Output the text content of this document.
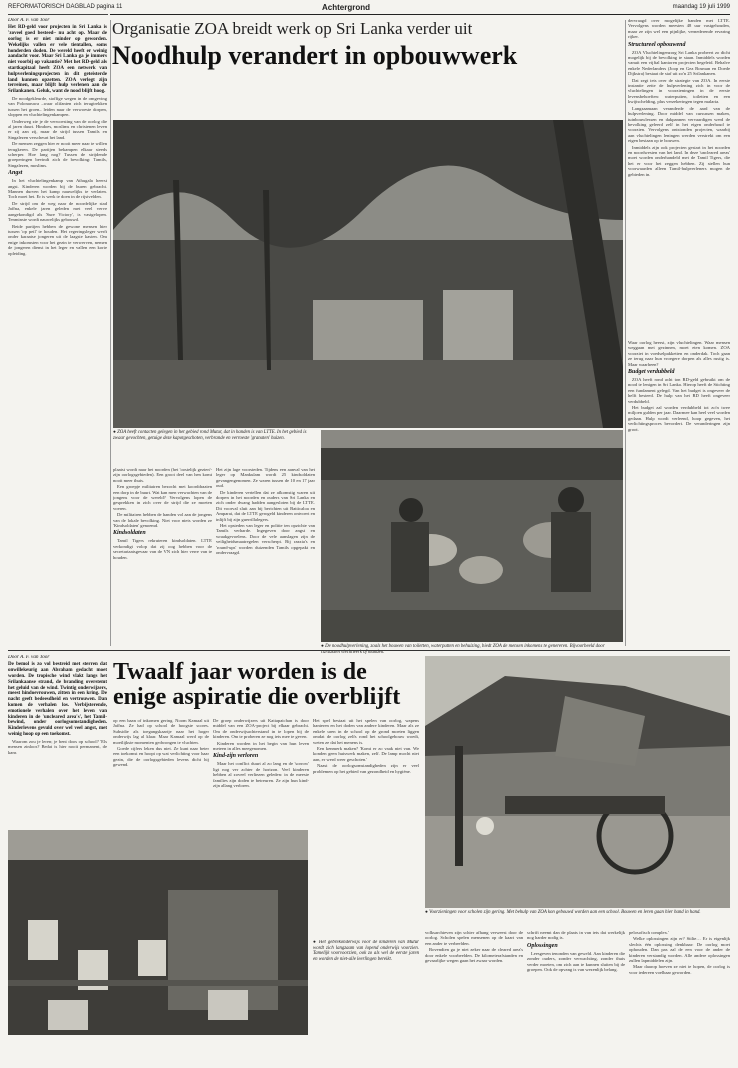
REFORMATORISCH DAGBLAD pagina 11	Achtergrond	maandag 19 juli 1999
Organisatie ZOA breidt werk op Sri Lanka verder uit
Noodhulp verandert in opbouwwerk
Door A. F. van Toor

Het RD-geld voor projecten in Sri Lanka is 'zoveel goed besteed– nu acht op. Maar de oorlog is er niet minder op geworden. Wekelijks vallen er vele tientallen, soms honderden doden. De wereld heeft er weinig aandacht voor. Maar Sri Lanka ga je immers niet voorbij op vakantie? Met het RD-geld als startkapitaal heeft ZOA een netwerk van hulpverleningsprojecten in dit geteisterde land kunnen opzetten. ZOA verlegt zijn terreinen, maar blijft hulp verlenen aan de Srilankanen. Geluk, want de nood blijft hoog.

De noodgekleurde, stoffige wegen in de omgeving van Polonaruwa –waar olifanten zich terugtrekken tussen het groen– leiden naar de verwoeste dorpen, sloppen en vluchtelingenkampen.

Onderweg zie je de verwoesting van de oorlog die al jaren duurt. Hindoes, moslims en christenen leven er zij aan zij, maar de strijd tussen Tamils en Singalezen verscheurt het land.

De mensen zeggen hier er nooit meer naar te willen terugkeren. De partijen bekampen elkaar steeds scherper. Hoe lang nog? Tussen de strijdende groeperingen bevindt zich de bevolking: Tamils, Singalezen, moslims.

Angst

In het vluchtelingenkamp van Athugala heerst angst. Kinderen worden bij de buren gebracht. Mannen durven het kamp nauwelijks te verlaten. Toch moet het. Er is werk te doen in de rijstvelden.

De strijd om de weg naar de noordelijke stad Jaffna, enkele jaren geleden met veel verve aangekondigd als 'Sure Victory', is vastgelopen. Tenminste wordt nauwelijks gebouwd.

Beide partijen hebben de gewone mensen hier tussen 'op peil' te houden. Het regeringsleger werft onder karaatse jongeren uit de laagste kasten. Om enige inkomsten voor het gezin te verwerven, nemen de jongeren dienst in het leger en vallen een korte opleiding.

● ZOA heeft contacten gelegen in het gebied rond Mutur, dat in handen is van LTTE. In het gebied is zwaar gevochten, getuige deze kapotgeschoten, verbrande en verroeste 'granaten' huizen.

plaatst wordt naar het noorden (het 'oostelijk gezien'- zijn oorlogsgebieden). Een groot deel van hen komt nooit meer thuis.

Een groepje militairen bezocht met koorddraaien een dorp in de buurt. Wat kan men verwachten van de jongens voor de wereld? Vervolgens lopen de gesprekken in zich over de strijd die ze moeten voeren.

De militairen hebben de handen vol aan de jongens van de lokale bevolking. Niet voor niets worden ze 'Kindsoldaten' genoemd.

Kindsoldaten

Tamil Tigers rekruteren kindsoldaten. LTTE verkondigt volop dat zij oog hebben voor de secretariaatsgevaar van de VN zich hier verre van te houden.

Het zijn lage voorsteden. Tijdens een aanval van het leger op Mankulam wordt 25 kindsoldaten gevangengenomen. Ze waren tussen de 10 en 17 jaar oud.

De kinderen vertellen dat ze afkomstig waren uit dorpen in het noorden en ouders van Sri Lanka en zich onder dwang hadden aangesloten bij de LTTE. Dit voorval sluit aan bij berichten uit Batticaloa en Amparai, dat de LTTE gerogeld kinderen ontvoert en inlijft bij zijn guerrillalegers.

Het opsteden van leger en politie ten opzichte van Tamils verharde. Ingegeven door angst en wraakgevoelens. Door de vele aanslagen zijn de veiligheidsmaatregelen verscherpt. Bij razzia's en 'round-ups' worden duizenden Tamils opgepakt en ondervraagd.

● De noodhulpverlening, zoals het bouwen van toiletten, waterputten en behuizing, biedt ZOA de mensen inkomens te genereren. Bijvoorbeeld door cursussen vlechtwerk of manden.

dervraagd over mogelijke banden met LTTE. Vervolgens worden meesten 48 uur vastgehouden, maar ze zijn wel een pijnlijke, vernederende ervaring rijker.

Structureel opbouwend

ZOA Vluchtelingenzorg Sri Lanka probeert zo dicht mogelijk bij de bevolking te staan. Inmiddels worden vanuit een vijftal kantoren projecten begeleid. Behalve enkele Nederlanders (Joop en Gea Bosman en Doede Dijkstra) bestaat de staf uit zo'n 25 Srilankanen.

Dat zegt iets over de strategie van ZOA. In eerste instantie zette de hulpverlening zich in voor de vluchtelingen in voorzieningen in de eerste levensbehoeften: waterputten, toiletten en een kwijtschelding, plus verzekeringen tegen malaria.

Langzaamaan veranderde de aard van de hulpverlening. Door middel van cursussen maken, tuinbouwlessen en dakpannen vervaardigen werd de bevolking geleerd zelf in het eigen onderhoud te voorzien. Vervolgens ontstonden projecten, waarbij aan vluchtelingen leningen werden verstrekt om een eigen bestaan op te bouwen.

Inmiddels zijn ook projecten gestart in het noorden en noordwesten van het land. In deze 'uncleared areas' moet worden onderhandeld met de Tamil Tigers, die het er voor het zeggen hebben. Zij stellen hun voorwaarden alleen Tamil-hulpverleners mogen de gebieden in.

Waar oorlog heerst, zijn vluchtelingen. Waar mensen weggaan met gezinnen, moet eten komen. ZOA voorziet in voedselpakketten en onderdak. Toch gaan ze terug naar hun vroegere dorpen als alles rustig is. Maar waarheen?

Budget verdubbeld

ZOA heeft rond acht ton RD-geld gebruikt om de nood te lenigen in Sri Lanka. Hierop heeft de Stichting een fundament gelegd. Van het budget is ongeveer de helft besteed. De hulp van het RD heeft ongeveer verdubbeld.

Het budget zal worden verdubbeld tot zo'n twee miljoen gulden per jaar. Daarmee kan heel veel worden gedaan. Hulp wordt verleend, hoop gegeven, het verlichtingsproces bevordert. De veranderingen zijn groot.

Door A. F. van Toor

De bemol is zo vol bestreid met sterren dat onwillekeurig aan Abraham gedacht moet worden. De tropische wind vlakt langs het Srilankaanse strand, de branding overstemt het geluid van de wind. Twintig onderwijzers, meest hindoevrouwen, zitten in een kring. De nacht geeft bedeesdheid en vertrouwen. Dan komen de verhalen los. Verbijsterende, emotionele verhalen over het leven van kinderen in de 'uncleared area's', het Tamil-bewind, onder oorlogsomstandigheden. Kinderlevens gevuld over wel veel angst, met weinig hoop op een toekomst.

Waarom zou je leren; je bent doos op school? 'Els mensen zinloos? Bedat is hier nooit permanent, de kans

Twaalf jaar worden is de enige aspiratie die overblijft

op een baan of inkomen gering. Noom Kamaal uit Jaffna. Ze had op school de hoogste scores. Subsidie als toegangskaartje naar het hoger onderwijs lag al klaar. Maar Kamaal werd op de moeilijkste momenten gedwongen te vluchten.

Goede cijfers leken dus niet. Ze kunt naar beter een toekomst en hoopt op wat verlichting voor haar gezin, die de oorlogsgebieden levens dicht hij gewend.

De groep onderwijzers uit Kattapaichan is door middel van een ZOA-project bij elkaar gebracht. Om de onderwijsachterstand in te lopen bij de kinderen. Om te proberen ze nog iets mee te geven.

Kinderen worden in het begin van hun leven meteen in alles meegenomen.

Kind-zijn verloren

Maar het conflict duurt al zo lang en de 'sorrow' ligt nog ver achter de horizon. Veel kinderen hebben al zoveel verliezen geleden: in de meeste families zijn doden te betreuren. Ze zijn hun kind-zijn allang verloren.

Het spel bestaat uit het spelen van oorlog, wapens hanteren en het doden van andere kinderen. Maar als ze enkele uren in de school op de grond moeten liggen omdat de oorlog zelfs rond het schoolgebouw woedt, weten ze dat het menens is.

Een kenmerk maken? 'Komt er zo vaak niet van. We konden geen huiswerk maken, zelf. De lamp mocht niet aan, er werd weer geschoten.'

Naast de oorlogsomstandigheden zijn er veel problemen op het gebied van gezondheid en hygiëne.

● Voorzieningen voor scholen zijn gering. Met behulp van ZOA kon gebouwd worden aan een school. Bouwen en leren gaan hier hand in hand.
● Het gebrekonderwijs voor de kinderen van Mutur wordt zich langzaam van lopend onderwijs voorzien. Tamelijk voorvoorzien, ook zo als wel de eerste jaren en worden de niet-alle leerlingen bereikt.

volksarchieven zijn schier afhang verweest door de oorlog. Scholen spelen mensenen op de kaart van een ander te verbeelden.

Bovendien ga je niet zeker naar de cleared area's door enkele voorbeelden. De kilometerafstanden en gevaarlijke wegen gaan het zwaar worden.

schrift neemt dan de plaats in van iets dat werkelijk nog harder nodig is.

Oplossingen

Leesgeven tenonden van geweld. Aan kinderen die zonder ouders, zonder verwachting, zonder thuis verder moeten, om zich aan te kunnen sluiten bij de groepen. Ook de opvang is van wezenlijk belang.

pelosofisch complex.'

Welke oplossingen zijn er? Stilte… Er is eigenlijk slechts één oplossing denkbaar: De oorlog moet ophouden. Dan pas zal de een voor de ander de kinderen verstandig worden. Alle andere oplossingen zullen lapmiddelen zijn.

Maar daarop hoeven ze niet te hopen, de oorlog is voor iedereen voelbaar geworden.
